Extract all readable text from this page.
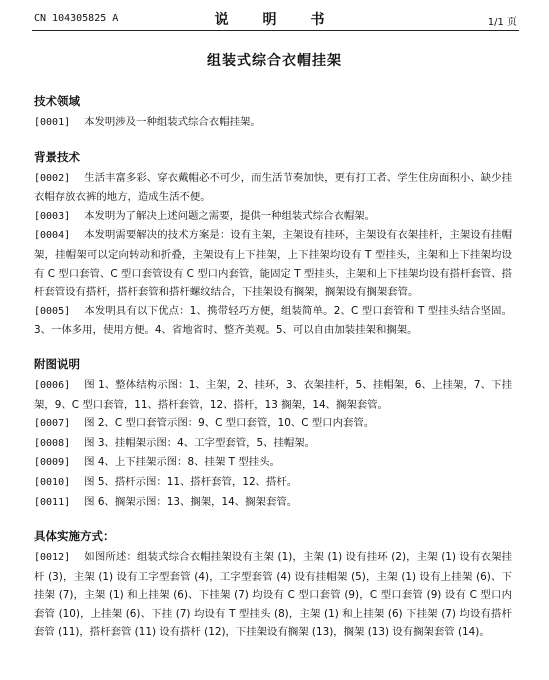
CN 104305825 A	说　明　书	1/1 页
组装式综合衣帽挂架
技术领域

[0001] 本发明涉及一种组装式综合衣帽挂架。

背景技术

[0002] 生活丰富多彩、穿衣戴帽必不可少，而生活节奏加快，更有打工者、学生住房面积小、缺少挂衣帽存放衣裤的地方，造成生活不便。

[0003] 本发明为了解决上述问题之需要，提供一种组装式综合衣帽架。

[0004] 本发明需要解决的技术方案是：设有主架，主架设有挂环，主架设有衣架挂杆，主架设有挂帽架，挂帽架可以定向转动和折叠，主架设有上下挂架，上下挂架均设有 T 型挂头，主架和上下挂架均设有 C 型口套管、C 型口套管设有 C 型口内套管，能固定 T 型挂头，主架和上下挂架均设有搭杆套管、搭杆套管设有搭杆，搭杆套管和搭杆螺纹结合，下挂架设有搁架，搁架设有搁架套管。

[0005] 本发明具有以下优点：1、携带轻巧方便，组装简单。2、C 型口套管和 T 型挂头结合坚固。3、一体多用，使用方便。4、省地省时、整齐美观。5、可以自由加装挂架和搁架。

附图说明

[0006] 图 1、整体结构示图：1、主架，2、挂环，3、衣架挂杆，5、挂帽架，6、上挂架，7、下挂架，9、C 型口套管，11、搭杆套管，12、搭杆，13 搁架，14、搁架套管。

[0007] 图 2、C 型口套管示图：9、C 型口套管，10、C 型口内套管。

[0008] 图 3、挂帽架示图：4、工字型套管，5、挂帽架。

[0009] 图 4、上下挂架示图：8、挂架 T 型挂头。

[0010] 图 5、搭杆示图：11、搭杆套管，12、搭杆。

[0011] 图 6、搁架示图：13、搁架，14、搁架套管。

具体实施方式：

[0012] 如图所述：组装式综合衣帽挂架设有主架 (1)，主架 (1) 设有挂环 (2)，主架 (1) 设有衣架挂杆 (3)，主架 (1) 设有工字型套管 (4)，工字型套管 (4) 设有挂帽架 (5)，主架 (1) 设有上挂架 (6)、下挂架 (7)，主架 (1) 和上挂架 (6)、下挂架 (7) 均设有 C 型口套管 (9)，C 型口套管 (9) 设有 C 型口内套管 (10)，上挂架 (6)、下挂 (7) 均设有 T 型挂头 (8)，主架 (1) 和上挂架 (6) 下挂架 (7) 均设有搭杆套管 (11)，搭杆套管 (11) 设有搭杆 (12)，下挂架设有搁架 (13)，搁架 (13) 设有搁架套管 (14)。
